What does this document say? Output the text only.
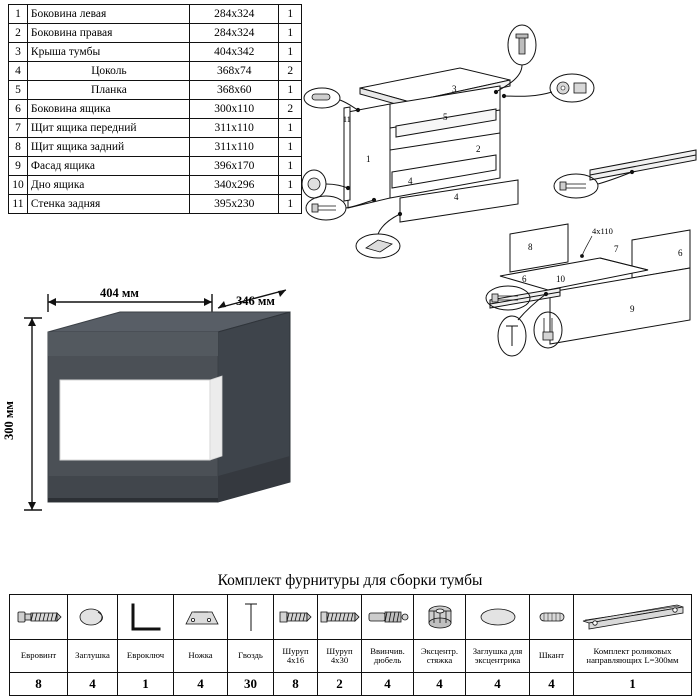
1	Боковина левая	284х324	1
2	Боковина правая	284х324	1
3	Крыша тумбы	404х342	1
4	Цоколь	368х74	2
5	Планка	368х60	1
6	Боковина ящика	300х110	2
7	Щит ящика передний	311х110	1
8	Щит ящика задний	311х110	1
9	Фасад ящика	396х170	1
10	Дно ящика	340х296	1
11	Стенка задняя	395х230	1
3
1
11	5
2
4
4
8
6
6	10
7
9
4x110
404 мм
346 мм
300 мм
Комплект фурнитуры для сборки тумбы

Евровинт	Заглушка	Евроключ	Ножка	Гвоздь	Шуруп 4х16	Шуруп 4х30	Ввинчив. дюбель	Эксцентр. стяжка	Заглушка для эксцентрика	Шкант	Комплект роликовых направляющих L=300мм
8	4	1	4	30	8	2	4	4	4	4	1
